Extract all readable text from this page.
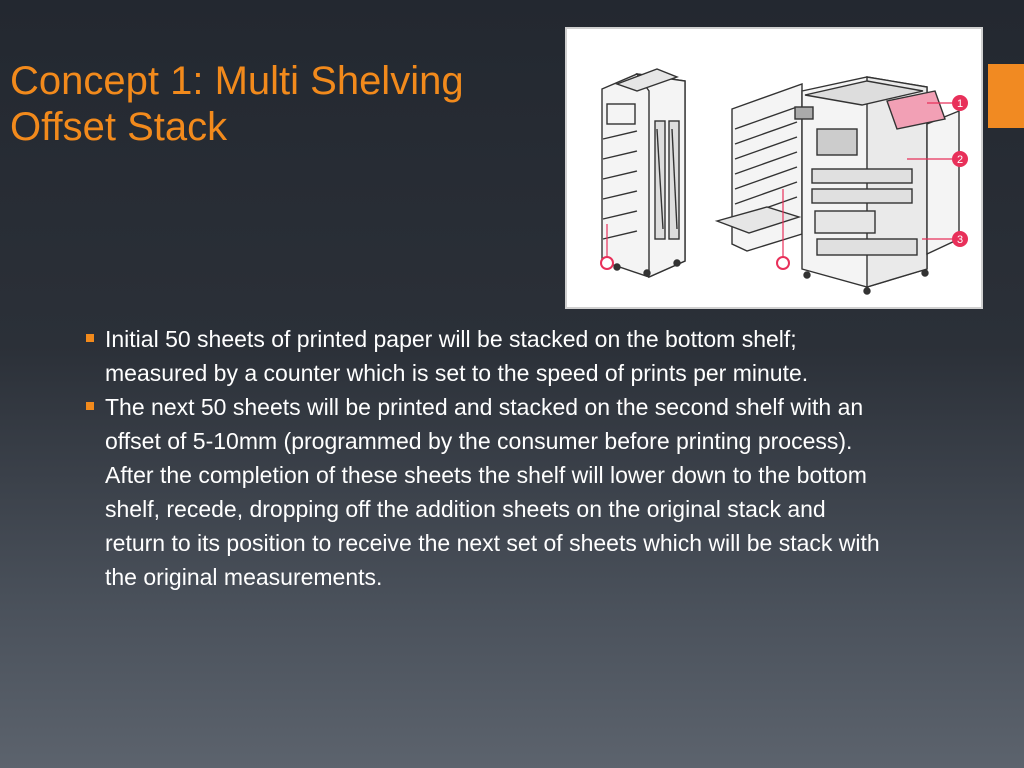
Concept 1: Multi Shelving
Offset Stack
1
2
3
Initial 50 sheets of printed paper will be stacked on the bottom shelf; measured by a counter which is set to the speed of prints per minute.
The next 50 sheets will be printed and stacked on the second shelf with an offset of 5-10mm (programmed by the consumer before printing process). After the completion of these sheets the shelf will lower down to the bottom shelf, recede, dropping off the addition sheets on the original stack and return to its position to receive the next set of sheets which will be stack with the original measurements.
